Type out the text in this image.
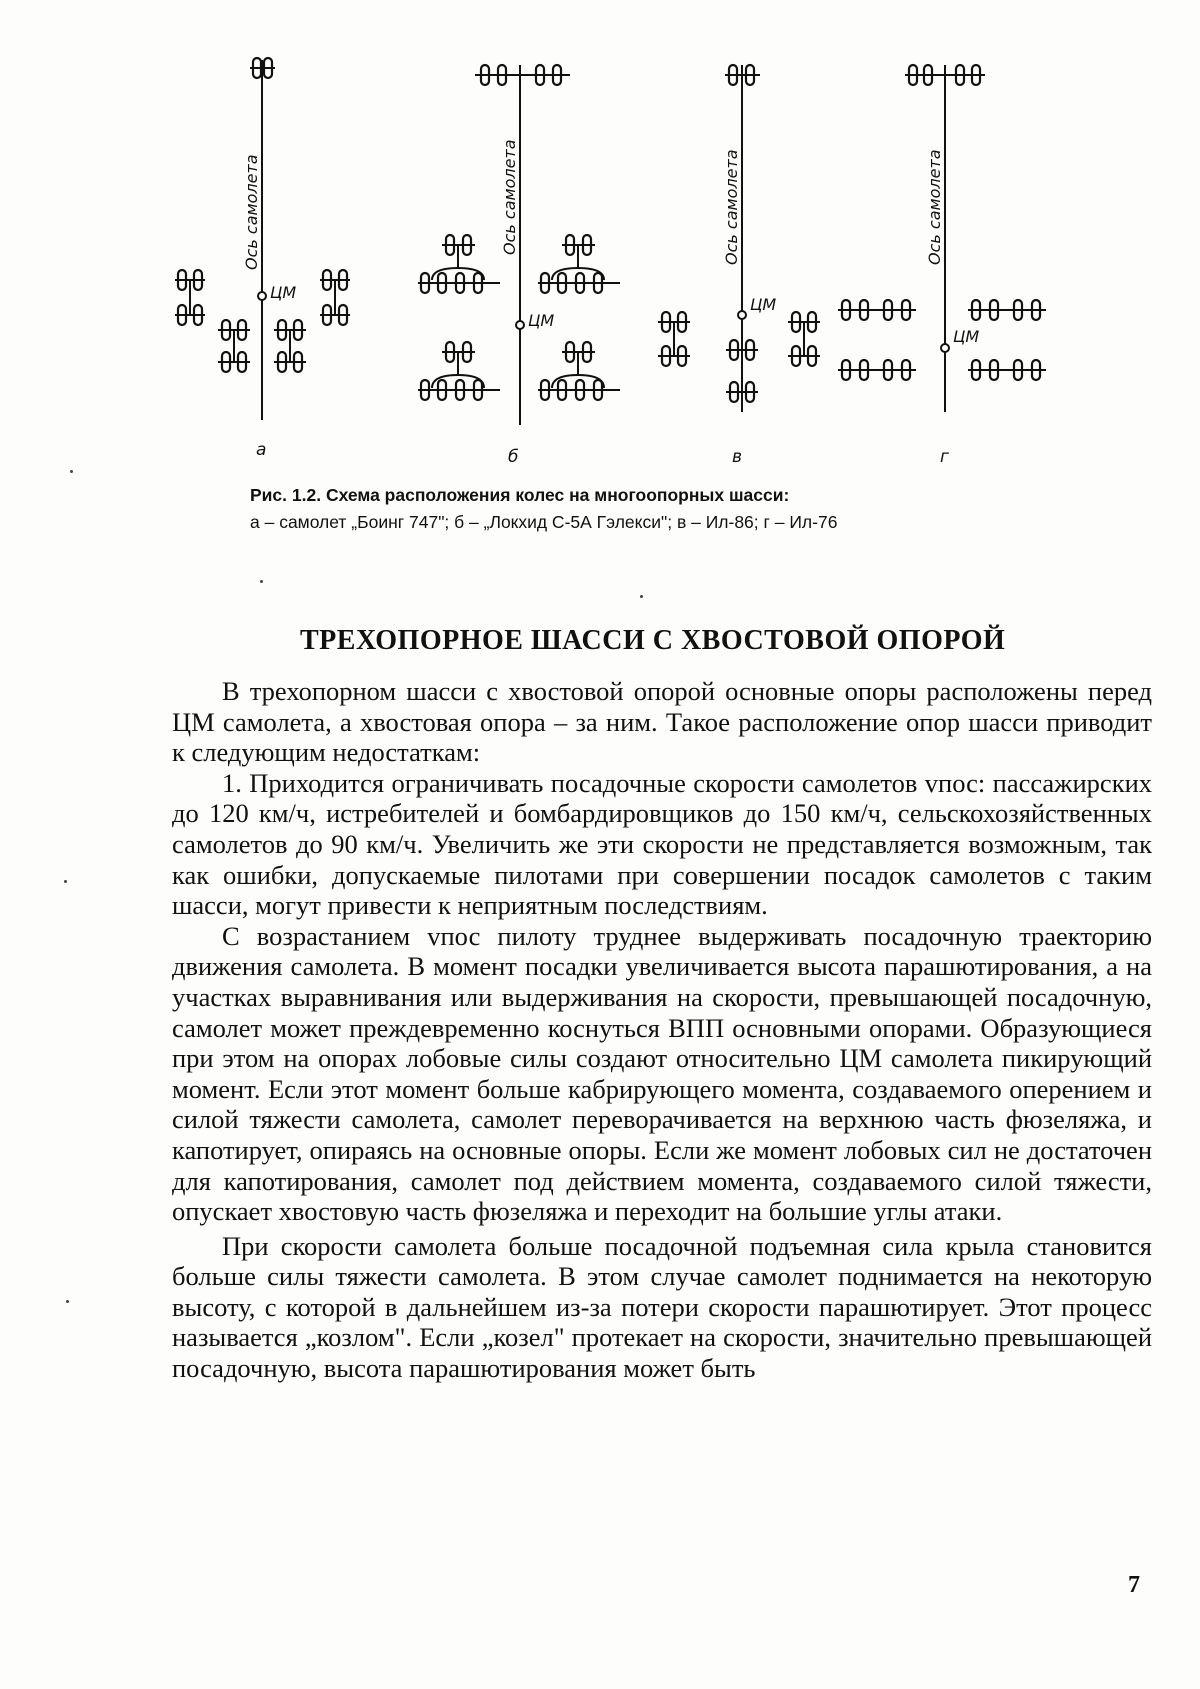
Ось самолета
ЦМ
а
Ось самолета
ЦМ
б
Ось самолета
ЦМ
в
Ось самолета
ЦМ
г
Рис. 1.2. Схема расположения колес на многоопорных шасси:
а – самолет „Боинг 747"; б – „Локхид С-5А Гэлекси"; в – Ил-86; г – Ил-76
ТРЕХОПОРНОЕ ШАССИ С ХВОСТОВОЙ ОПОРОЙ

В трехопорном шасси с хвостовой опорой основные опоры расположены перед ЦМ самолета, а хвостовая опора – за ним. Такое расположение опор шасси приводит к следующим недостаткам:

1. Приходится ограничивать посадочные скорости самолетов vпос: пассажирских до 120 км/ч, истребителей и бомбардировщиков до 150 км/ч, сельскохозяйственных самолетов до 90 км/ч. Увеличить же эти скорости не представляется возможным, так как ошибки, допускаемые пилотами при совершении посадок самолетов с таким шасси, могут привести к неприятным последствиям.

С возрастанием vпос пилоту труднее выдерживать посадочную траекторию движения самолета. В момент посадки увеличивается высота парашютирования, а на участках выравнивания или выдерживания на скорости, превышающей посадочную, самолет может преждевременно коснуться ВПП основными опорами. Образующиеся при этом на опорах лобовые силы создают относительно ЦМ самолета пикирующий момент. Если этот момент больше кабрирующего момента, создаваемого оперением и силой тяжести самолета, самолет переворачивается на верхнюю часть фюзеляжа, и капотирует, опираясь на основные опоры. Если же момент лобовых сил не достаточен для капотирования, самолет под действием момента, создаваемого силой тяжести, опускает хвостовую часть фюзеляжа и переходит на большие углы атаки.

При скорости самолета больше посадочной подъемная сила крыла становится больше силы тяжести самолета. В этом случае самолет поднимается на некоторую высоту, с которой в дальнейшем из-за потери скорости парашютирует. Этот процесс называется „козлом". Если „козел" протекает на скорости, значительно превышающей посадочную, высота парашютирования может быть

7
